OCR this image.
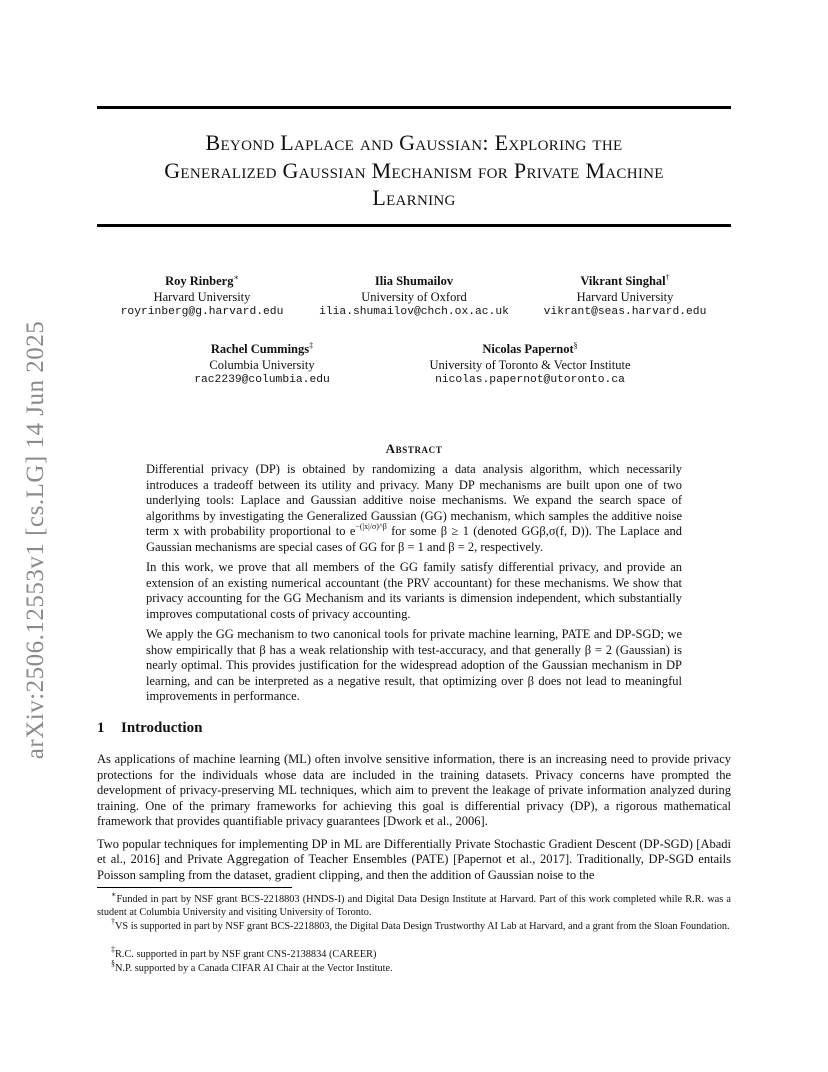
arXiv:2506.12553v1 [cs.LG] 14 Jun 2025
Beyond Laplace and Gaussian: Exploring the
Generalized Gaussian Mechanism for Private Machine
Learning
Roy Rinberg∗
Harvard University
royrinberg@g.harvard.edu
Ilia Shumailov
University of Oxford
ilia.shumailov@chch.ox.ac.uk
Vikrant Singhal†
Harvard University
vikrant@seas.harvard.edu
Rachel Cummings‡
Columbia University
rac2239@columbia.edu
Nicolas Papernot§
University of Toronto & Vector Institute
nicolas.papernot@utoronto.ca
Abstract

Differential privacy (DP) is obtained by randomizing a data analysis algorithm, which necessarily introduces a tradeoff between its utility and privacy. Many DP mechanisms are built upon one of two underlying tools: Laplace and Gaussian additive noise mechanisms. We expand the search space of algorithms by investigating the Generalized Gaussian (GG) mechanism, which samples the additive noise term x with probability proportional to $e^{-(|x|/\sigma)\^{}\beta}$ for some β ≥ 1 (denoted GGβ,σ(f, D)). The Laplace and Gaussian mechanisms are special cases of GG for β = 1 and β = 2, respectively.

In this work, we prove that all members of the GG family satisfy differential privacy, and provide an extension of an existing numerical accountant (the PRV accountant) for these mechanisms. We show that privacy accounting for the GG Mechanism and its variants is dimension independent, which substantially improves computational costs of privacy accounting.

We apply the GG mechanism to two canonical tools for private machine learning, PATE and DP-SGD; we show empirically that β has a weak relationship with test-accuracy, and that generally β = 2 (Gaussian) is nearly optimal. This provides justification for the widespread adoption of the Gaussian mechanism in DP learning, and can be interpreted as a negative result, that optimizing over β does not lead to meaningful improvements in performance.

1 Introduction

As applications of machine learning (ML) often involve sensitive information, there is an increasing need to provide privacy protections for the individuals whose data are included in the training datasets. Privacy concerns have prompted the development of privacy-preserving ML techniques, which aim to prevent the leakage of private information analyzed during training. One of the primary frameworks for achieving this goal is differential privacy (DP), a rigorous mathematical framework that provides quantifiable privacy guarantees [Dwork et al., 2006].

Two popular techniques for implementing DP in ML are Differentially Private Stochastic Gradient Descent (DP-SGD) [Abadi et al., 2016] and Private Aggregation of Teacher Ensembles (PATE) [Papernot et al., 2017]. Traditionally, DP-SGD entails Poisson sampling from the dataset, gradient clipping, and then the addition of Gaussian noise to the

∗Funded in part by NSF grant BCS-2218803 (HNDS-I) and Digital Data Design Institute at Harvard. Part of this work completed while R.R. was a student at Columbia University and visiting University of Toronto.
†VS is supported in part by NSF grant BCS-2218803, the Digital Data Design Trustworthy AI Lab at Harvard, and a grant from the Sloan Foundation.
‡R.C. supported in part by NSF grant CNS-2138834 (CAREER)
§N.P. supported by a Canada CIFAR AI Chair at the Vector Institute.
